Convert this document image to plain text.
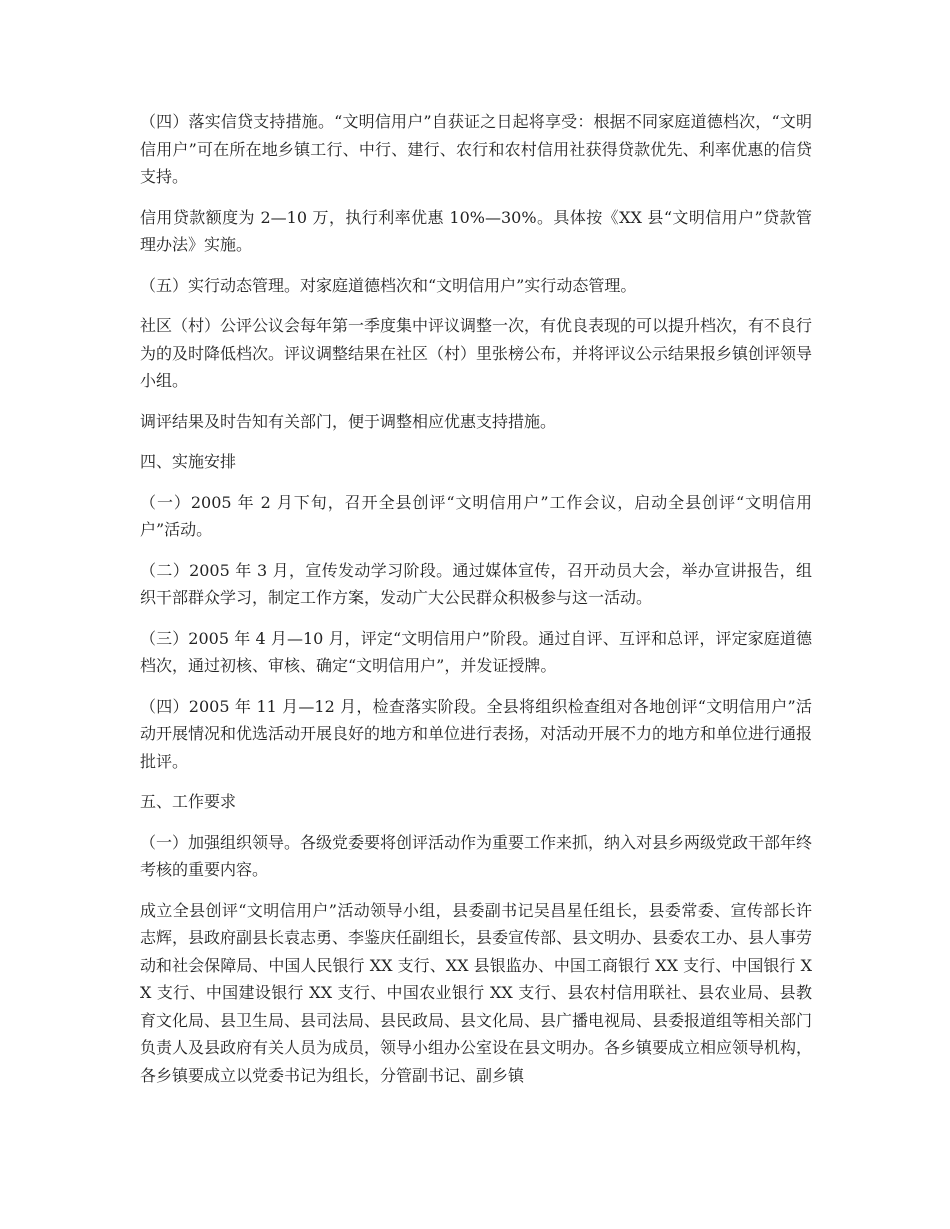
（四）落实信贷支持措施。“文明信用户”自获证之日起将享受：根据不同家庭道德档次，“文明信用户”可在所在地乡镇工行、中行、建行、农行和农村信用社获得贷款优先、利率优惠的信贷支持。

信用贷款额度为 2—10 万，执行利率优惠 10%—30%。具体按《XX 县“文明信用户”贷款管理办法》实施。

（五）实行动态管理。对家庭道德档次和“文明信用户”实行动态管理。

社区（村）公评公议会每年第一季度集中评议调整一次，有优良表现的可以提升档次，有不良行为的及时降低档次。评议调整结果在社区（村）里张榜公布，并将评议公示结果报乡镇创评领导小组。

调评结果及时告知有关部门，便于调整相应优惠支持措施。

四、实施安排

（一）2005 年 2 月下旬，召开全县创评“文明信用户”工作会议，启动全县创评“文明信用户”活动。

（二）2005 年 3 月，宣传发动学习阶段。通过媒体宣传，召开动员大会，举办宣讲报告，组织干部群众学习，制定工作方案，发动广大公民群众积极参与这一活动。

（三）2005 年 4 月—10 月，评定“文明信用户”阶段。通过自评、互评和总评，评定家庭道德档次，通过初核、审核、确定“文明信用户”，并发证授牌。

（四）2005 年 11 月—12 月，检查落实阶段。全县将组织检查组对各地创评“文明信用户”活动开展情况和优选活动开展良好的地方和单位进行表扬，对活动开展不力的地方和单位进行通报批评。

五、工作要求

（一）加强组织领导。各级党委要将创评活动作为重要工作来抓，纳入对县乡两级党政干部年终考核的重要内容。

成立全县创评“文明信用户”活动领导小组，县委副书记吴昌星任组长，县委常委、宣传部长许志辉，县政府副县长袁志勇、李鉴庆任副组长，县委宣传部、县文明办、县委农工办、县人事劳动和社会保障局、中国人民银行 XX 支行、XX 县银监办、中国工商银行 XX 支行、中国银行 XX 支行、中国建设银行 XX 支行、中国农业银行 XX 支行、县农村信用联社、县农业局、县教育文化局、县卫生局、县司法局、县民政局、县文化局、县广播电视局、县委报道组等相关部门负责人及县政府有关人员为成员，领导小组办公室设在县文明办。各乡镇要成立相应领导机构，各乡镇要成立以党委书记为组长，分管副书记、副乡镇
